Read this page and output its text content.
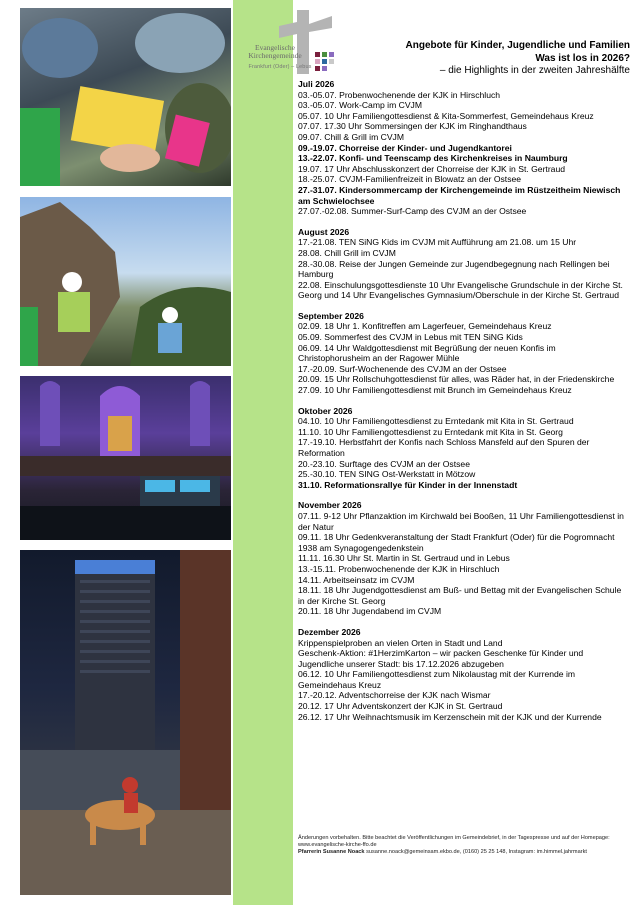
Evangelische
Kirchengemeinde
Frankfurt (Oder) – Lebus
Angebote für Kinder, Jugendliche und Familien
Was ist los in 2026?
– die Highlights in der zweiten Jahreshälfte
Juli 2026
03.-05.07. Probenwochenende der KJK in Hirschluch
03.-05.07. Work-Camp im CVJM
05.07. 10 Uhr Familiengottesdienst & Kita-Sommerfest, Gemeindehaus Kreuz
07.07. 17.30 Uhr Sommersingen der KJK im Ringhandthaus
09.07. Chill & Grill im CVJM
09.-19.07. Chorreise der Kinder- und Jugendkantorei
13.-22.07. Konfi- und Teenscamp des Kirchenkreises in Naumburg
19.07. 17 Uhr Abschlusskonzert der Chorreise der KJK in St. Gertraud
18.-25.07. CVJM-Familienfreizeit in Blowatz an der Ostsee
27.-31.07. Kindersommercamp der Kirchengemeinde im Rüstzeitheim Niewisch am Schwielochsee
27.07.-02.08. Summer-Surf-Camp des CVJM an der Ostsee
August 2026
17.-21.08. TEN SiNG Kids im CVJM mit Aufführung am 21.08. um 15 Uhr
28.08. Chill Grill im CVJM
28.-30.08. Reise der Jungen Gemeinde zur Jugendbegegnung nach Rellingen bei Hamburg
22.08. Einschulungsgottesdienste 10 Uhr Evangelische Grundschule in der Kirche St. Georg und 14 Uhr Evangelisches Gymnasium/Oberschule in der Kirche St. Gertraud
September 2026
02.09. 18 Uhr 1. Konfitreffen am Lagerfeuer, Gemeindehaus Kreuz
05.09. Sommerfest des CVJM in Lebus mit TEN SiNG Kids
06.09. 14 Uhr Waldgottesdienst mit Begrüßung der neuen Konfis im Christophorusheim an der Ragower Mühle
17.-20.09. Surf-Wochenende des CVJM an der Ostsee
20.09. 15 Uhr Rollschuhgottesdienst für alles, was Räder hat, in der Friedenskirche
27.09. 10 Uhr Familiengottesdienst mit Brunch im Gemeindehaus Kreuz
Oktober 2026
04.10. 10 Uhr Familiengottesdienst zu Erntedank mit Kita in St. Gertraud
11.10. 10 Uhr Familiengottesdienst zu Erntedank mit Kita in St. Georg
17.-19.10. Herbstfahrt der Konfis nach Schloss Mansfeld auf den Spuren der Reformation
20.-23.10. Surftage des CVJM an der Ostsee
25.-30.10. TEN SING Ost-Werkstatt in Mötzow
31.10. Reformationsrallye für Kinder in der Innenstadt
November 2026
07.11. 9-12 Uhr Pflanzaktion im Kirchwald bei Booßen, 11 Uhr Familiengottesdienst in der Natur
09.11. 18 Uhr Gedenkveranstaltung der Stadt Frankfurt (Oder) für die Pogromnacht 1938 am Synagogengedenkstein
11.11. 16.30 Uhr St. Martin in St. Gertraud und in Lebus
13.-15.11. Probenwochenende der KJK in Hirschluch
14.11. Arbeitseinsatz im CVJM
18.11. 18 Uhr Jugendgottesdienst am Buß- und Bettag mit der Evangelischen Schule in der Kirche St. Georg
20.11. 18 Uhr Jugendabend im CVJM
Dezember 2026
Krippenspielproben an vielen Orten in Stadt und Land
Geschenk-Aktion: #1HerzimKarton – wir packen Geschenke für Kinder und Jugendliche unserer Stadt: bis 17.12.2026 abzugeben
06.12. 10 Uhr Familiengottesdienst zum Nikolaustag mit der Kurrende im Gemeindehaus Kreuz
17.-20.12. Adventschorreise der KJK nach Wismar
20.12. 17 Uhr Adventskonzert der KJK in St. Gertraud
26.12. 17 Uhr Weihnachtsmusik im Kerzenschein mit der KJK und der Kurrende
Änderungen vorbehalten. Bitte beachtet die Veröffentlichungen im Gemeindebrief, in der Tagespresse und auf der Homepage: www.evangelische-kirche-ffo.de
Pfarrerin Susanne Noack susanne.noack@gemeinsam.ekbo.de, (0160) 25 25 148, Instagram: im.himmel.jahrmarkt
